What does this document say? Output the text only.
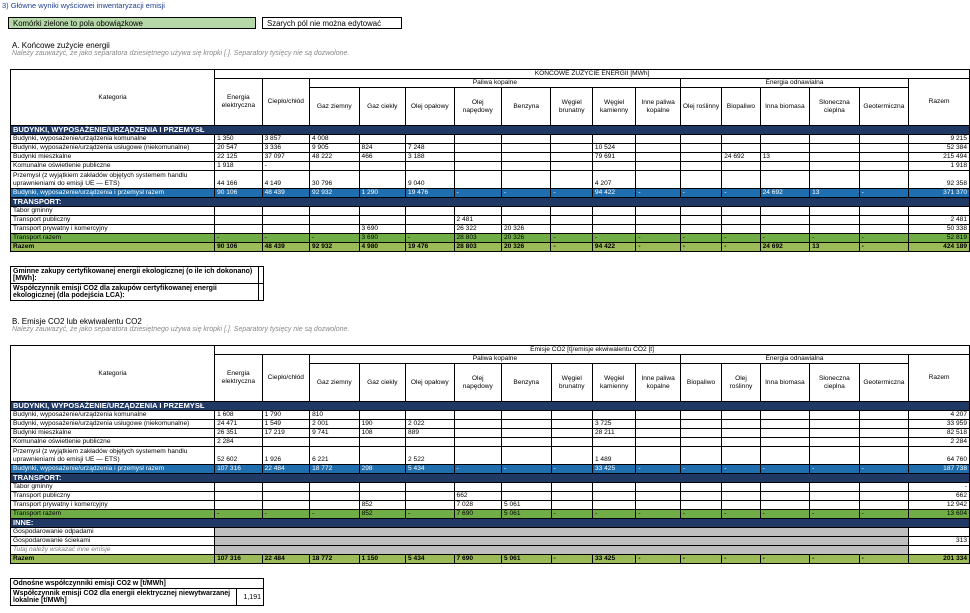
3) Główne wyniki wyściowei inwentaryzacji emisji
Komórki zielone to pola obowiązkowe	Szarych pól nie można edytować
A. Końcowe zużycie energii
Należy zauważyć, że jako separatora dziesiętnego używa się kropki [.]. Separatory tysięcy nie są dozwolone.
Kategoria	KOŃCOWE ZUŻYCIE ENERGII [MWh]															
	Energia elektryczna	Ciepło/chłód	Paliwa kopalne								Energia odnawialna					Razem
			Gaz ziemny	Gaz ciekły	Olej opałowy	Olej napędowy	Benzyna	Węgiel brunatny	Węgiel kamienny	Inne paliwa kopalne	Olej roślinny	Biopaliwo	Inna biomasa	Słoneczna cieplna	Geotermiczna	
BUDYNKI, WYPOSAŻENIE/URZĄDZENIA I PRZEMYSŁ																
Budynki, wyposażenie/urządzenia komunalne	1 350	3 857	4 008													9 215
Budynki, wyposażenie/urządzenia usługowe (niekomunalne)	20 547	3 336	9 905	824	7 248				10 524							52 384
Budynki mieszkalne	22 125	37 097	48 222	466	3 188				79 691			24 692	13			215 494
Komunalne oświetlenie publiczne	1 918	-														1 918
Przemysł (z wyjątkiem zakładów objętych systemem handlu uprawnieniami do emisji UE — ETS)	44 166	4 149	30 796		9 040				4 207							92 358
Budynki, wyposażenie/urządzenia i przemysł razem	90 106	48 439	92 932	1 290	19 476	-	-	-	94 422	-	-	-	24 692	13	-	371 370
TRANSPORT:																
Tabor gminny																
Transport publiczny						2 481										2 481
Transport prywatny i komercyjny				3 690		26 322	20 326									50 338
Transport razem	-	-	-	3 690	-	28 803	20 326	-	-	-	-	-	-	-	-	52 819
Razem	90 106	48 439	92 932	4 980	19 476	28 803	20 326	-	94 422	-	-	-	24 692	13	-	424 189
Gminne zakupy certyfikowanej energii ekologicznej (o ile ich dokonano) [MWh]:	
Współczynnik emisji CO2 dla zakupów certyfikowanej energii ekologicznej (dla podejścia LCA):	
B. Emisje CO2 lub ekwiwalentu CO2
Należy zauważyć, że jako separatora dziesiętnego używa się kropki [.]. Separatory tysięcy nie są dozwolone.
Kategoria	Emisje CO2 [t]/emisje ekwiwalentu CO2 [t]															
	Energia elektryczna	Ciepło/chłód	Paliwa kopalne								Energia odnawialna					Razem
			Gaz ziemny	Gaz ciekły	Olej opałowy	Olej napędowy	Benzyna	Węgiel brunatny	Węgiel kamienny	Inne paliwa kopalne	Biopaliwo	Olej roślinny	Inna biomasa	Słoneczna cieplna	Geotermiczna	
BUDYNKI, WYPOSAŻENIE/URZĄDZENIA I PRZEMYSŁ																
Budynki, wyposażenie/urządzenia komunalne	1 608	1 790	810													4 207
Budynki, wyposażenie/urządzenia usługowe (niekomunalne)	24 471	1 549	2 001	190	2 022				3 725							33 959
Budynki mieszkalne	26 351	17 219	9 741	108	889				28 211							82 518
Komunalne oświetlenie publiczne	2 284															2 284
Przemysł (z wyjątkiem zakładów objętych systemem handlu uprawnieniami do emisji UE — ETS)	52 602	1 926	6 221		2 522				1 489							64 760
Budynki, wyposażenie/urządzenia i przemysł razem	107 316	22 484	18 772	298	5 434	-	-	-	33 425	-	-	-	-	-	-	187 738
TRANSPORT:																
Tabor gminny																-
Transport publiczny						662										662
Transport prywatny i komercyjny				852		7 028	5 061									12 942
Transport razem	-	-	-	852	-	7 690	5 061	-	-	-	-	-	-	-	-	13 604
INNE:																
Gospodarowanie odpadami																
Gospodarowanie ściekami																313
Tutaj należy wskazać inne emisje																
Razem	107 316	22 484	18 772	1 150	5 434	7 690	5 061	-	33 425	-	-	-	-	-	-	201 334
Odnośne współczynniki emisji CO2 w [t/MWh]
Współczynnik emisji CO2 dla energii elektrycznej niewytwarzanej lokalnie [t/MWh]	1,191
